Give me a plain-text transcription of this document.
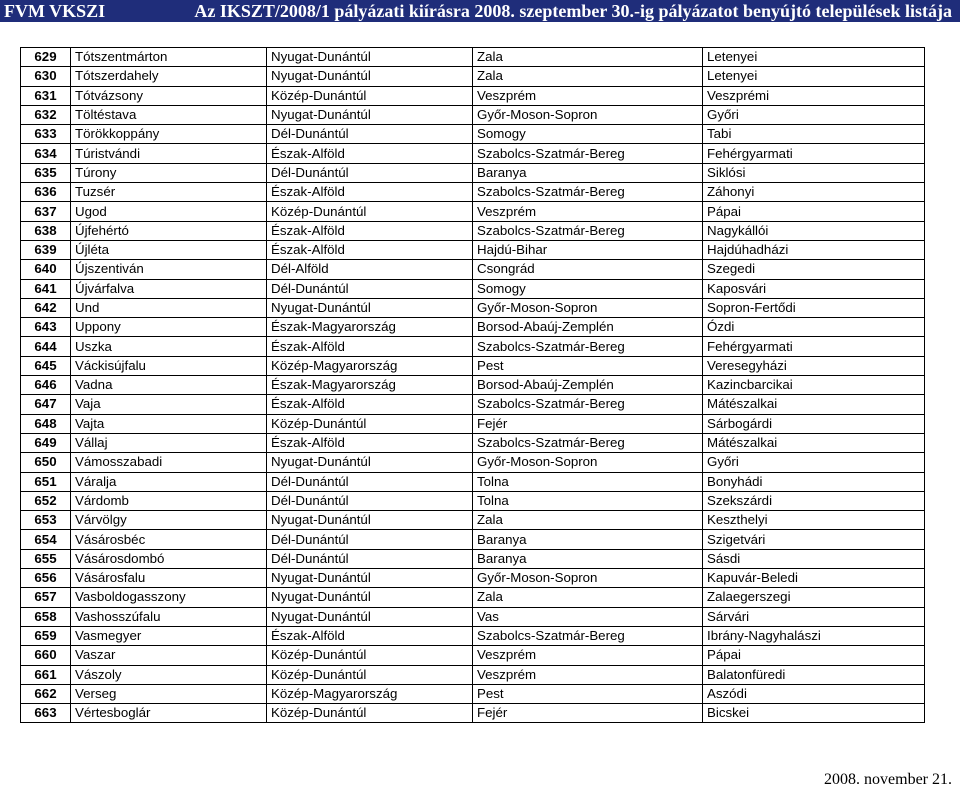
FVM VKSZI	Az IKSZT/2008/1 pályázati kiírásra 2008. szeptember 30.-ig pályázatot benyújtó települések listája
629	Tótszentmárton	Nyugat-Dunántúl	Zala	Letenyei
630	Tótszerdahely	Nyugat-Dunántúl	Zala	Letenyei
631	Tótvázsony	Közép-Dunántúl	Veszprém	Veszprémi
632	Töltéstava	Nyugat-Dunántúl	Győr-Moson-Sopron	Győri
633	Törökkoppány	Dél-Dunántúl	Somogy	Tabi
634	Túristvándi	Észak-Alföld	Szabolcs-Szatmár-Bereg	Fehérgyarmati
635	Túrony	Dél-Dunántúl	Baranya	Siklósi
636	Tuzsér	Észak-Alföld	Szabolcs-Szatmár-Bereg	Záhonyi
637	Ugod	Közép-Dunántúl	Veszprém	Pápai
638	Újfehértó	Észak-Alföld	Szabolcs-Szatmár-Bereg	Nagykállói
639	Újléta	Észak-Alföld	Hajdú-Bihar	Hajdúhadházi
640	Újszentiván	Dél-Alföld	Csongrád	Szegedi
641	Újvárfalva	Dél-Dunántúl	Somogy	Kaposvári
642	Und	Nyugat-Dunántúl	Győr-Moson-Sopron	Sopron-Fertődi
643	Uppony	Észak-Magyarország	Borsod-Abaúj-Zemplén	Ózdi
644	Uszka	Észak-Alföld	Szabolcs-Szatmár-Bereg	Fehérgyarmati
645	Váckisújfalu	Közép-Magyarország	Pest	Veresegyházi
646	Vadna	Észak-Magyarország	Borsod-Abaúj-Zemplén	Kazincbarcikai
647	Vaja	Észak-Alföld	Szabolcs-Szatmár-Bereg	Mátészalkai
648	Vajta	Közép-Dunántúl	Fejér	Sárbogárdi
649	Vállaj	Észak-Alföld	Szabolcs-Szatmár-Bereg	Mátészalkai
650	Vámosszabadi	Nyugat-Dunántúl	Győr-Moson-Sopron	Győri
651	Váralja	Dél-Dunántúl	Tolna	Bonyhádi
652	Várdomb	Dél-Dunántúl	Tolna	Szekszárdi
653	Várvölgy	Nyugat-Dunántúl	Zala	Keszthelyi
654	Vásárosbéc	Dél-Dunántúl	Baranya	Szigetvári
655	Vásárosdombó	Dél-Dunántúl	Baranya	Sásdi
656	Vásárosfalu	Nyugat-Dunántúl	Győr-Moson-Sopron	Kapuvár-Beledi
657	Vasboldogasszony	Nyugat-Dunántúl	Zala	Zalaegerszegi
658	Vashosszúfalu	Nyugat-Dunántúl	Vas	Sárvári
659	Vasmegyer	Észak-Alföld	Szabolcs-Szatmár-Bereg	Ibrány-Nagyhalászi
660	Vaszar	Közép-Dunántúl	Veszprém	Pápai
661	Vászoly	Közép-Dunántúl	Veszprém	Balatonfüredi
662	Verseg	Közép-Magyarország	Pest	Aszódi
663	Vértesboglár	Közép-Dunántúl	Fejér	Bicskei
2008. november 21.
